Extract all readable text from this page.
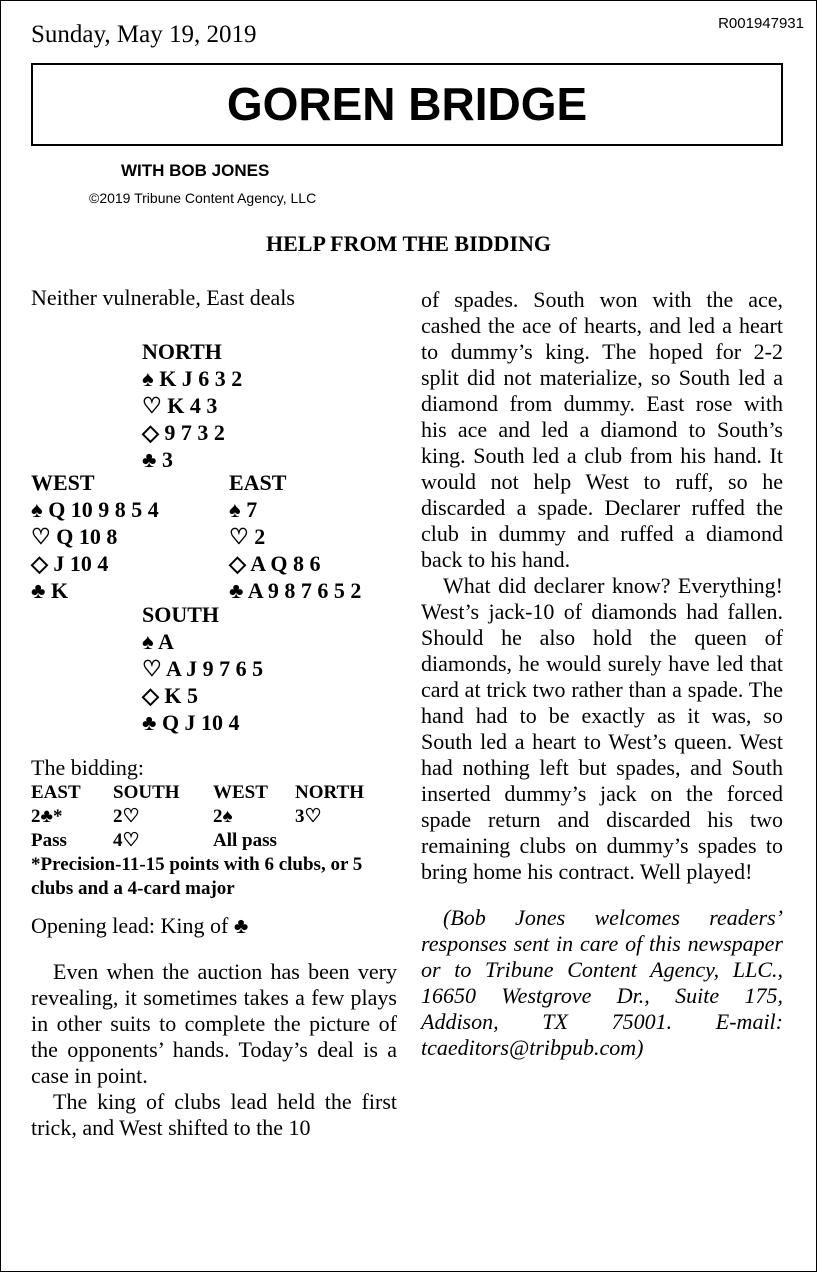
Sunday, May 19, 2019	R001947931
GOREN BRIDGE
WITH BOB JONES
©2019 Tribune Content Agency, LLC
HELP FROM THE BIDDING
Neither vulnerable, East deals
NORTH
♠ K J 6 3 2
♡ K 4 3
◇ 9 7 3 2
♣ 3
WEST
♠ Q 10 9 8 5 4
♡ Q 10 8
◇ J 10 4
♣ K
EAST
♠ 7
♡ 2
◇ A Q 8 6
♣ A 9 8 7 6 5 2
SOUTH
♠ A
♡ A J 9 7 6 5
◇ K 5
♣ Q J 10 4
The bidding:
EAST	SOUTH	WEST	NORTH
2♣*	2♡	2♠	3♡
Pass	4♡	All pass

*Precision-11-15 points with 6 clubs, or 5 clubs and a 4-card major

Opening lead: King of ♣

Even when the auction has been very revealing, it sometimes takes a few plays in other suits to complete the picture of the opponents’ hands. Today’s deal is a case in point.

The king of clubs lead held the first trick, and West shifted to the 10

of spades. South won with the ace, cashed the ace of hearts, and led a heart to dummy’s king. The hoped for 2-2 split did not materialize, so South led a diamond from dummy. East rose with his ace and led a diamond to South’s king. South led a club from his hand. It would not help West to ruff, so he discarded a spade. Declarer ruffed the club in dummy and ruffed a diamond back to his hand.

What did declarer know? Everything! West’s jack-10 of diamonds had fallen. Should he also hold the queen of diamonds, he would surely have led that card at trick two rather than a spade. The hand had to be exactly as it was, so South led a heart to West’s queen. West had nothing left but spades, and South inserted dummy’s jack on the forced spade return and discarded his two remaining clubs on dummy’s spades to bring home his contract. Well played!

(Bob Jones welcomes readers’ responses sent in care of this newspaper or to Tribune Content Agency, LLC., 16650 Westgrove Dr., Suite 175, Addison, TX 75001. E-mail: tcaeditors@tribpub.com)
